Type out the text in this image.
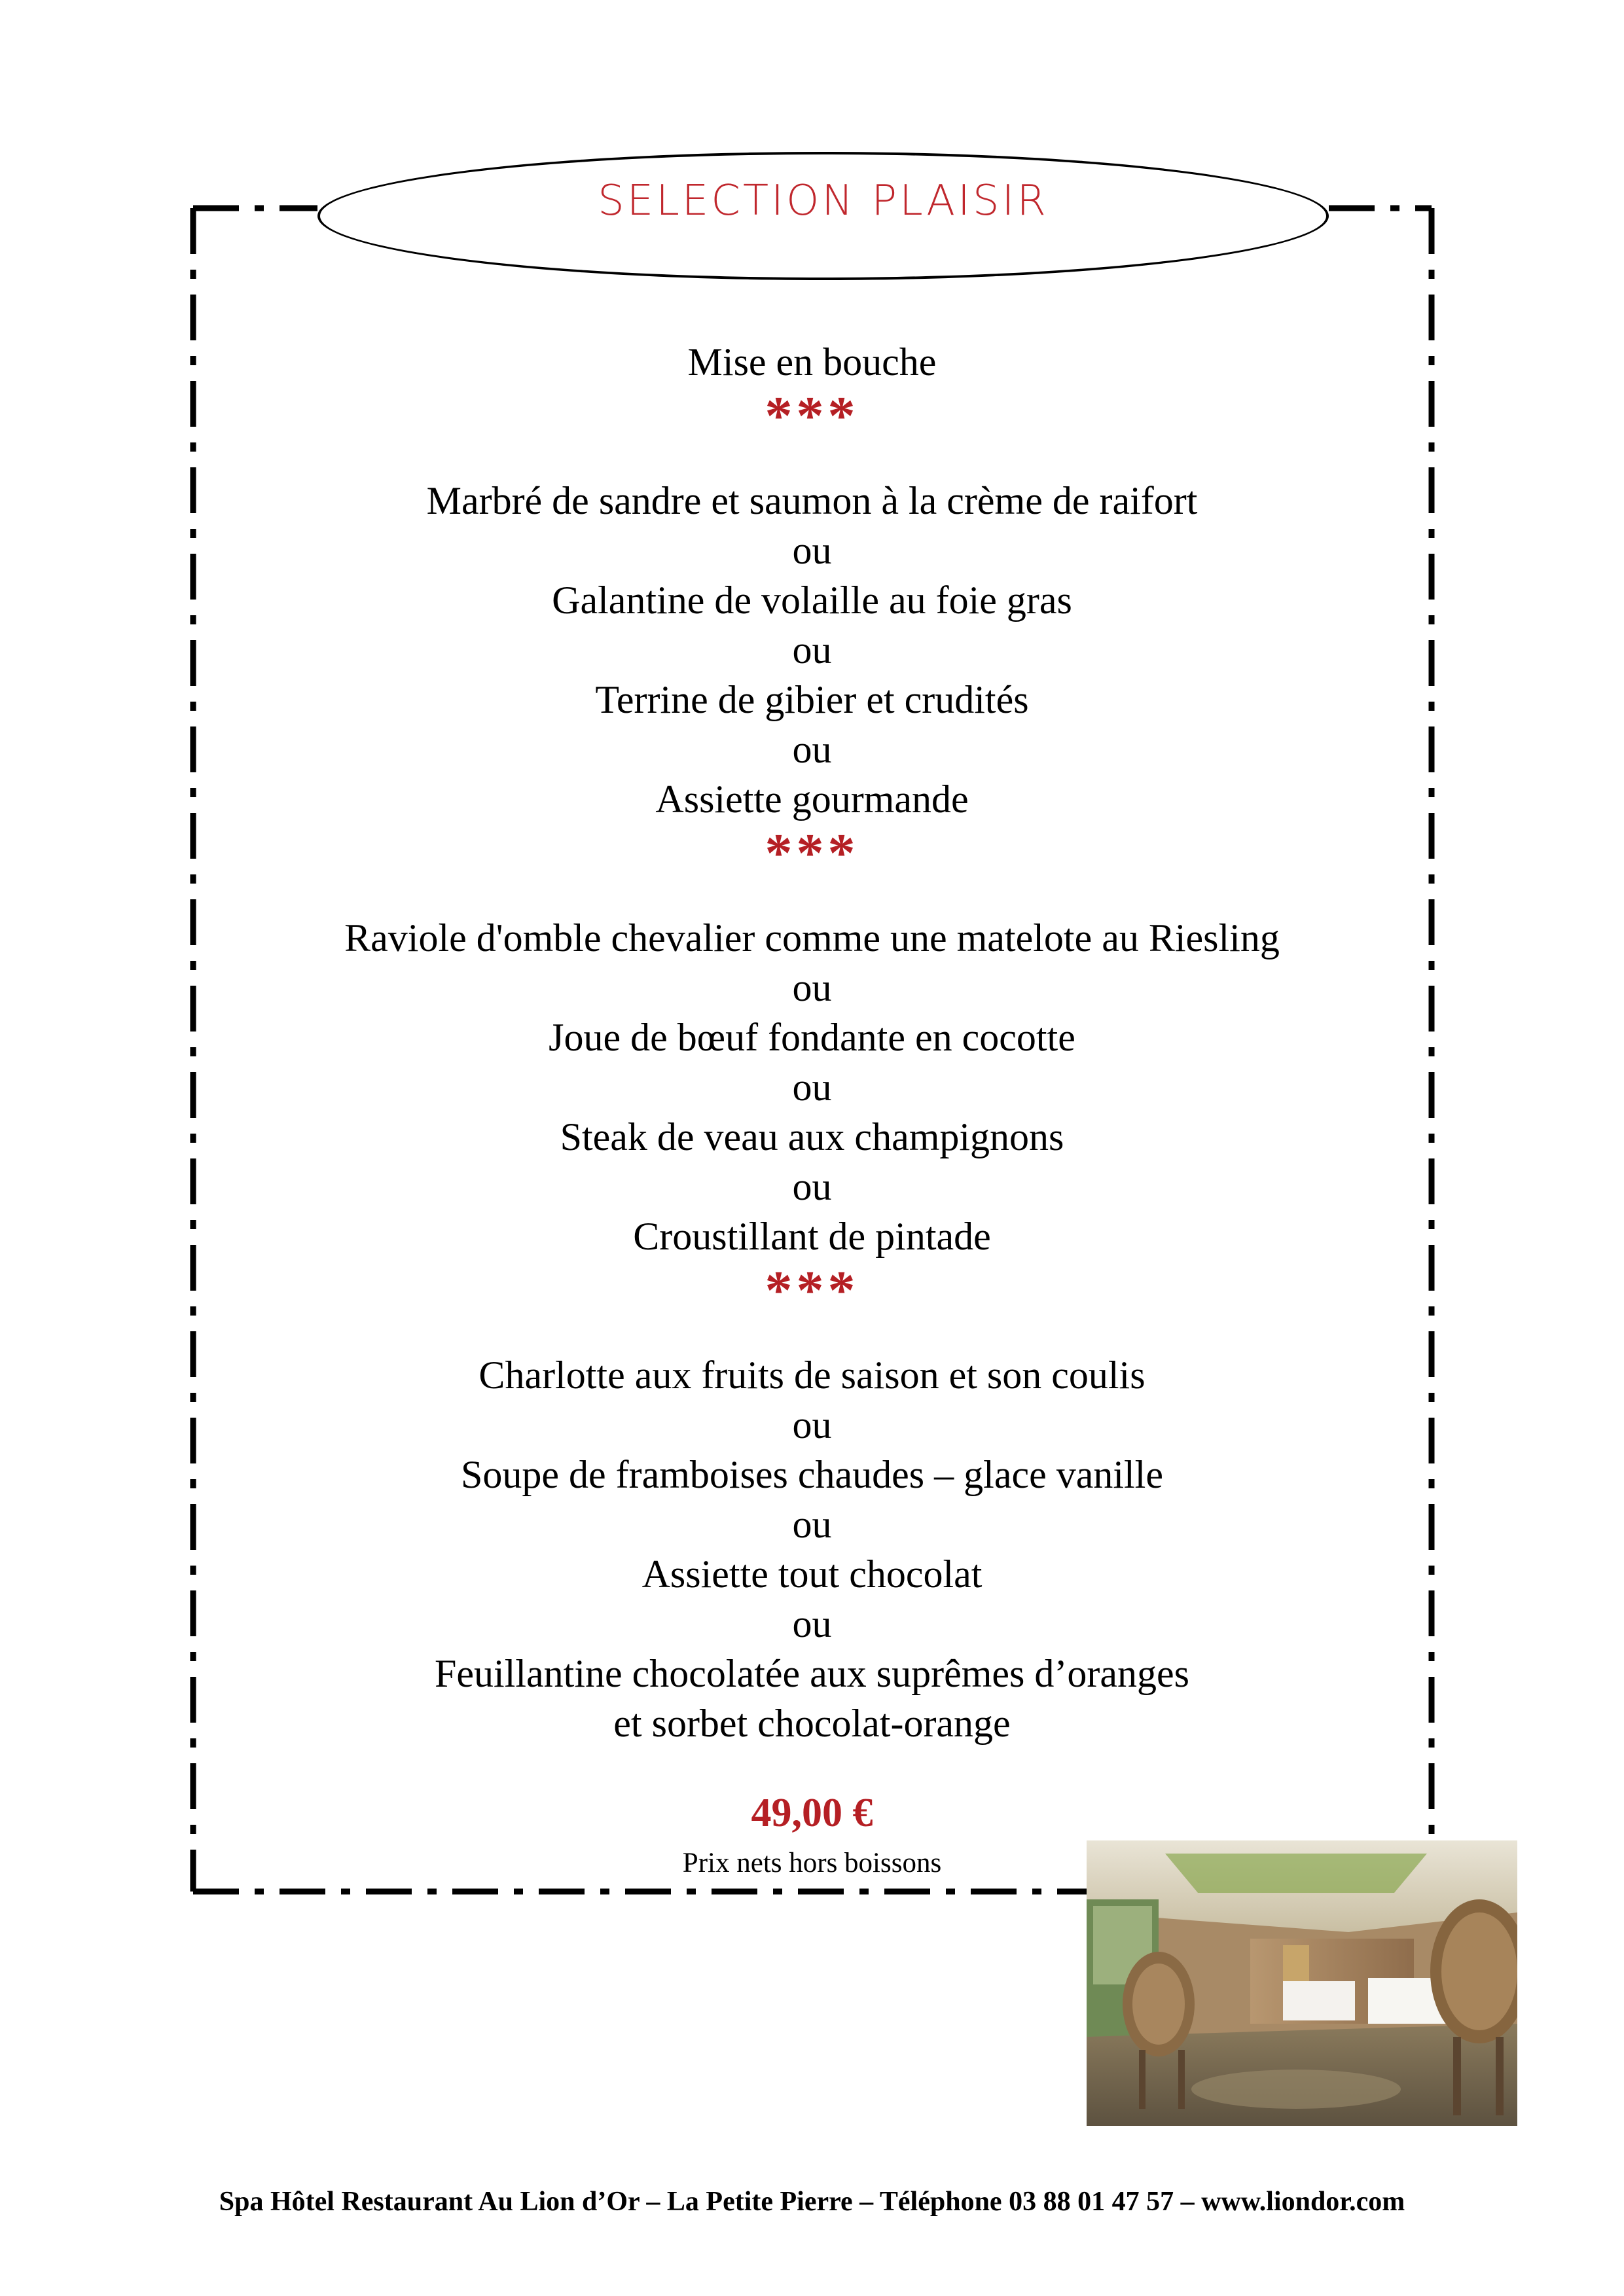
SELECTION PLAISIR
Mise en bouche
***
Marbré de sandre et saumon à la crème de raifort
ou
Galantine de volaille au foie gras
ou
Terrine de gibier et crudités
ou
Assiette gourmande
***
Raviole d'omble chevalier comme une matelote au Riesling
ou
Joue de bœuf fondante en cocotte
ou
Steak de veau aux champignons
ou
Croustillant de pintade
***
Charlotte aux fruits de saison et son coulis
ou
Soupe de framboises chaudes – glace vanille
ou
Assiette tout chocolat
ou
Feuillantine chocolatée aux suprêmes d’oranges
et sorbet chocolat-orange
49,00 €
Prix nets hors boissons
Spa Hôtel Restaurant Au Lion d’Or – La Petite Pierre – Téléphone 03 88 01 47 57 – www.liondor.com
